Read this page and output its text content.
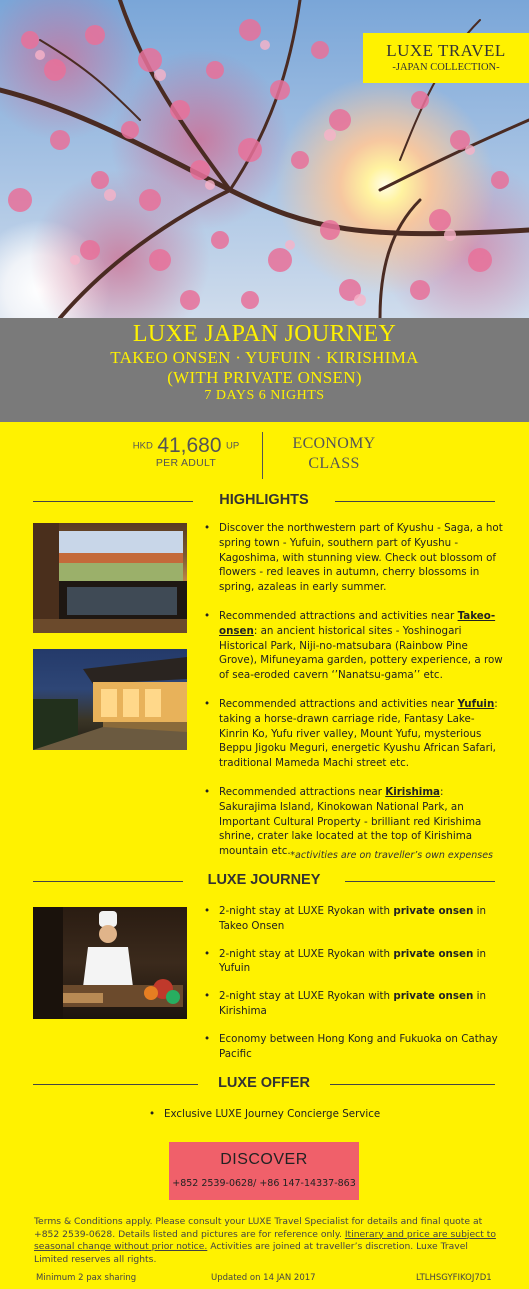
LUXE TRAVEL
-JAPAN COLLECTION-
LUXE JAPAN JOURNEY
TAKEO ONSEN · YUFUIN · KIRISHIMA
(WITH PRIVATE ONSEN)
7 DAYS 6 NIGHTS
HKD 41,680 UP
PER ADULT
ECONOMY
CLASS
HIGHLIGHTS
• Discover the northwestern part of Kyushu - Saga, a hot spring town - Yufuin, southern part of Kyushu - Kagoshima, with stunning view. Check out blossom of flowers - red leaves in autumn, cherry blossoms in spring, azaleas in early summer.
• Recommended attractions and activities near Takeo-onsen: an ancient historical sites - Yoshinogari Historical Park, Niji-no-matsubara (Rainbow Pine Grove), Mifuneyama garden, pottery experience, a row of sea-eroded cavern ‘’Nanatsu-gama’’ etc.
• Recommended attractions and activities near Yufuin: taking a horse-drawn carriage ride, Fantasy Lake-Kinrin Ko, Yufu river valley, Mount Yufu, mysterious Beppu Jigoku Meguri, energetic Kyushu African Safari, traditional Mameda Machi street etc.
• Recommended attractions near Kirishima: Sakurajima Island, Kinokowan National Park, an Important Cultural Property - brilliant red Kirishima shrine, crater lake located at the top of Kirishima mountain etc. *activities are on traveller’s own expenses
LUXE JOURNEY
• 2-night stay at LUXE Ryokan with private onsen in Takeo Onsen
• 2-night stay at LUXE Ryokan with private onsen in Yufuin
• 2-night stay at LUXE Ryokan with private onsen in Kirishima
• Economy between Hong Kong and Fukuoka on Cathay Pacific
LUXE OFFER
• Exclusive LUXE Journey Concierge Service
DISCOVER
+852 2539-0628/ +86 147-14337-863
Terms & Conditions apply. Please consult your LUXE Travel Specialist for details and final quote at +852 2539-0628. Details listed and pictures are for reference only. Itinerary and price are subject to seasonal change without prior notice. Activities are joined at traveller’s discretion. Luxe Travel Limited reserves all rights.
Minimum 2 pax sharing	Updated on 14 JAN 2017	LTLHSGYFIKOJ7D1
